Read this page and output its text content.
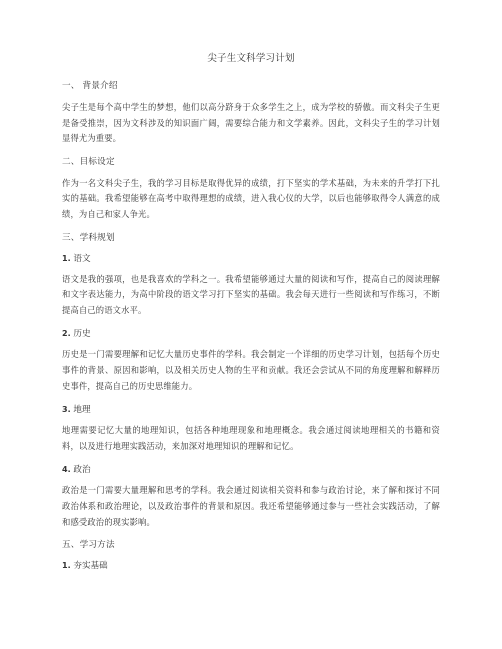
尖子生文科学习计划
一、 背景介绍
尖子生是每个高中学生的梦想，他们以高分跻身于众多学生之上，成为学校的骄傲。而文科尖子生更是备受推崇，因为文科涉及的知识面广阔，需要综合能力和文学素养。因此，文科尖子生的学习计划显得尤为重要。
二、目标设定
作为一名文科尖子生，我的学习目标是取得优异的成绩，打下坚实的学术基础，为未来的升学打下扎实的基础。我希望能够在高考中取得理想的成绩，进入我心仪的大学，以后也能够取得令人满意的成绩，为自己和家人争光。
三、学科规划
1. 语文
语文是我的强项，也是我喜欢的学科之一。我希望能够通过大量的阅读和写作，提高自己的阅读理解和文字表达能力，为高中阶段的语文学习打下坚实的基础。我会每天进行一些阅读和写作练习，不断提高自己的语文水平。
2. 历史
历史是一门需要理解和记忆大量历史事件的学科。我会制定一个详细的历史学习计划，包括每个历史事件的背景、原因和影响，以及相关历史人物的生平和贡献。我还会尝试从不同的角度理解和解释历史事件，提高自己的历史思维能力。
3. 地理
地理需要记忆大量的地理知识，包括各种地理现象和地理概念。我会通过阅读地理相关的书籍和资料，以及进行地理实践活动，来加深对地理知识的理解和记忆。
4. 政治
政治是一门需要大量理解和思考的学科。我会通过阅读相关资料和参与政治讨论，来了解和探讨不同政治体系和政治理论，以及政治事件的背景和原因。我还希望能够通过参与一些社会实践活动，了解和感受政治的现实影响。
五、学习方法
1. 夯实基础
